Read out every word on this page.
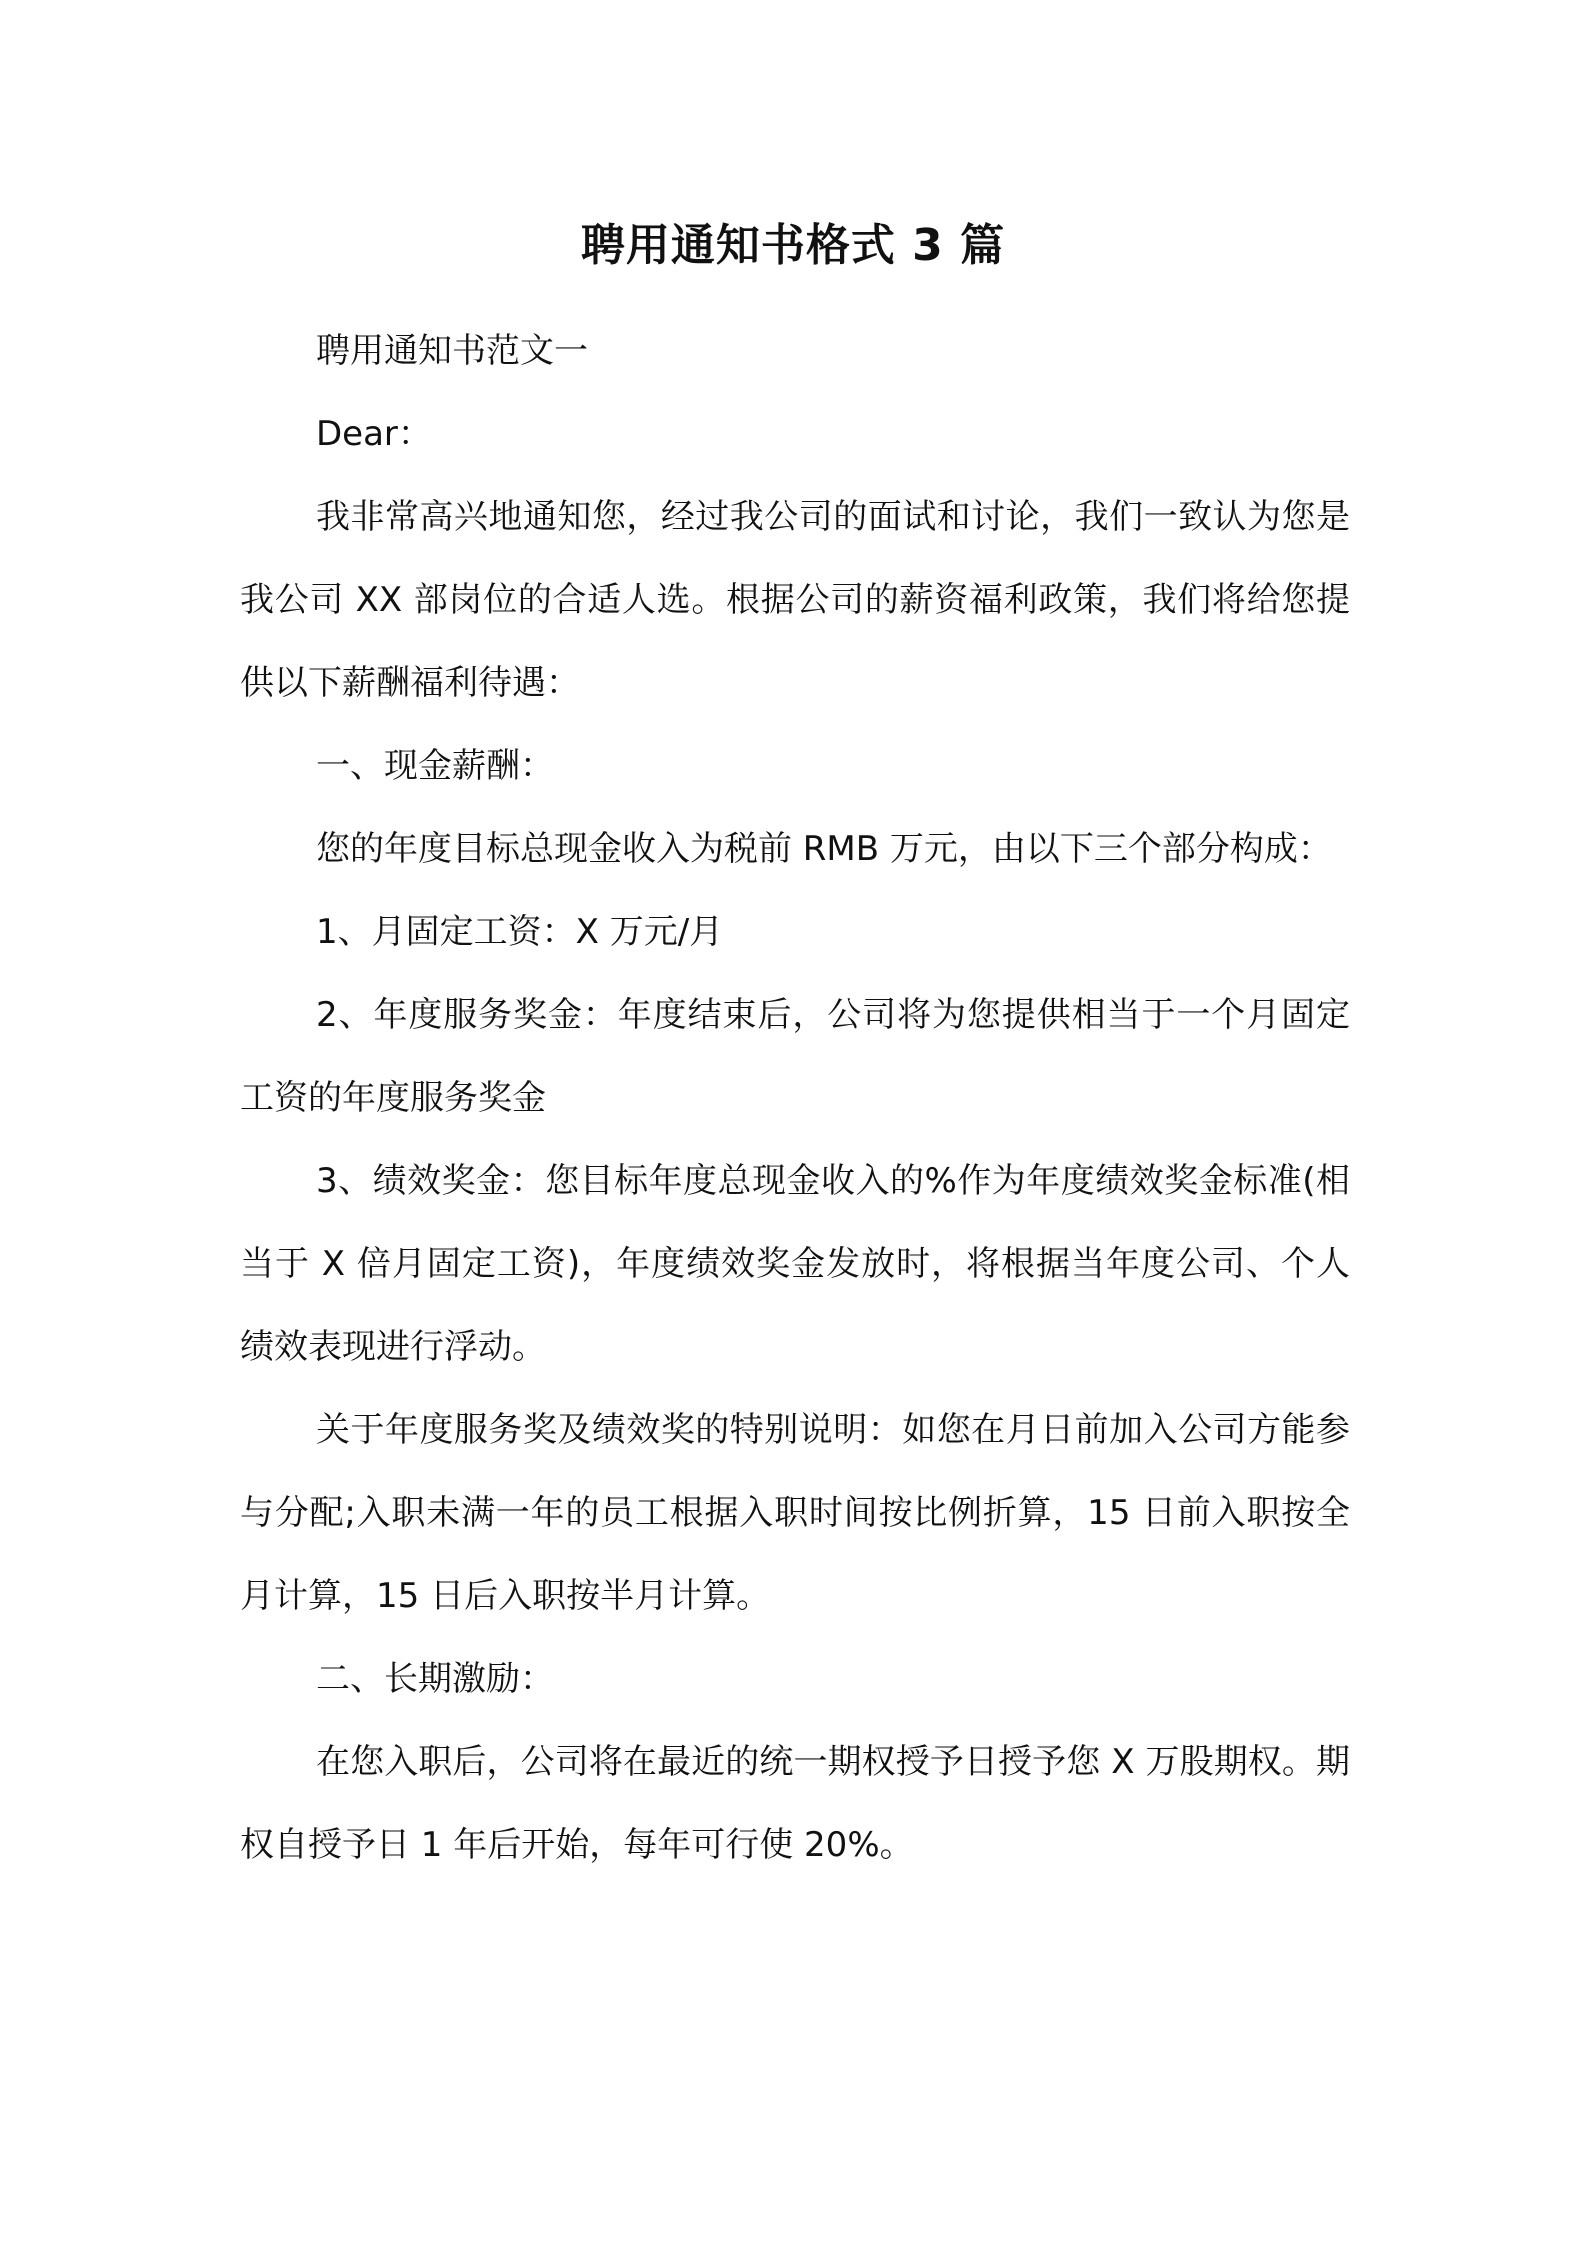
聘用通知书格式 3 篇

聘用通知书范文一

Dear：

我非常高兴地通知您，经过我公司的面试和讨论，我们一致认为您是我公司 XX 部岗位的合适人选。根据公司的薪资福利政策，我们将给您提供以下薪酬福利待遇：

一、现金薪酬：

您的年度目标总现金收入为税前 RMB 万元，由以下三个部分构成：

1、月固定工资：X 万元/月

2、年度服务奖金：年度结束后，公司将为您提供相当于一个月固定工资的年度服务奖金

3、绩效奖金：您目标年度总现金收入的%作为年度绩效奖金标准(相当于 X 倍月固定工资)，年度绩效奖金发放时，将根据当年度公司、个人绩效表现进行浮动。

关于年度服务奖及绩效奖的特别说明：如您在月日前加入公司方能参与分配;入职未满一年的员工根据入职时间按比例折算，15 日前入职按全月计算，15 日后入职按半月计算。

二、长期激励：

在您入职后，公司将在最近的统一期权授予日授予您 X 万股期权。期权自授予日 1 年后开始，每年可行使 20%。
